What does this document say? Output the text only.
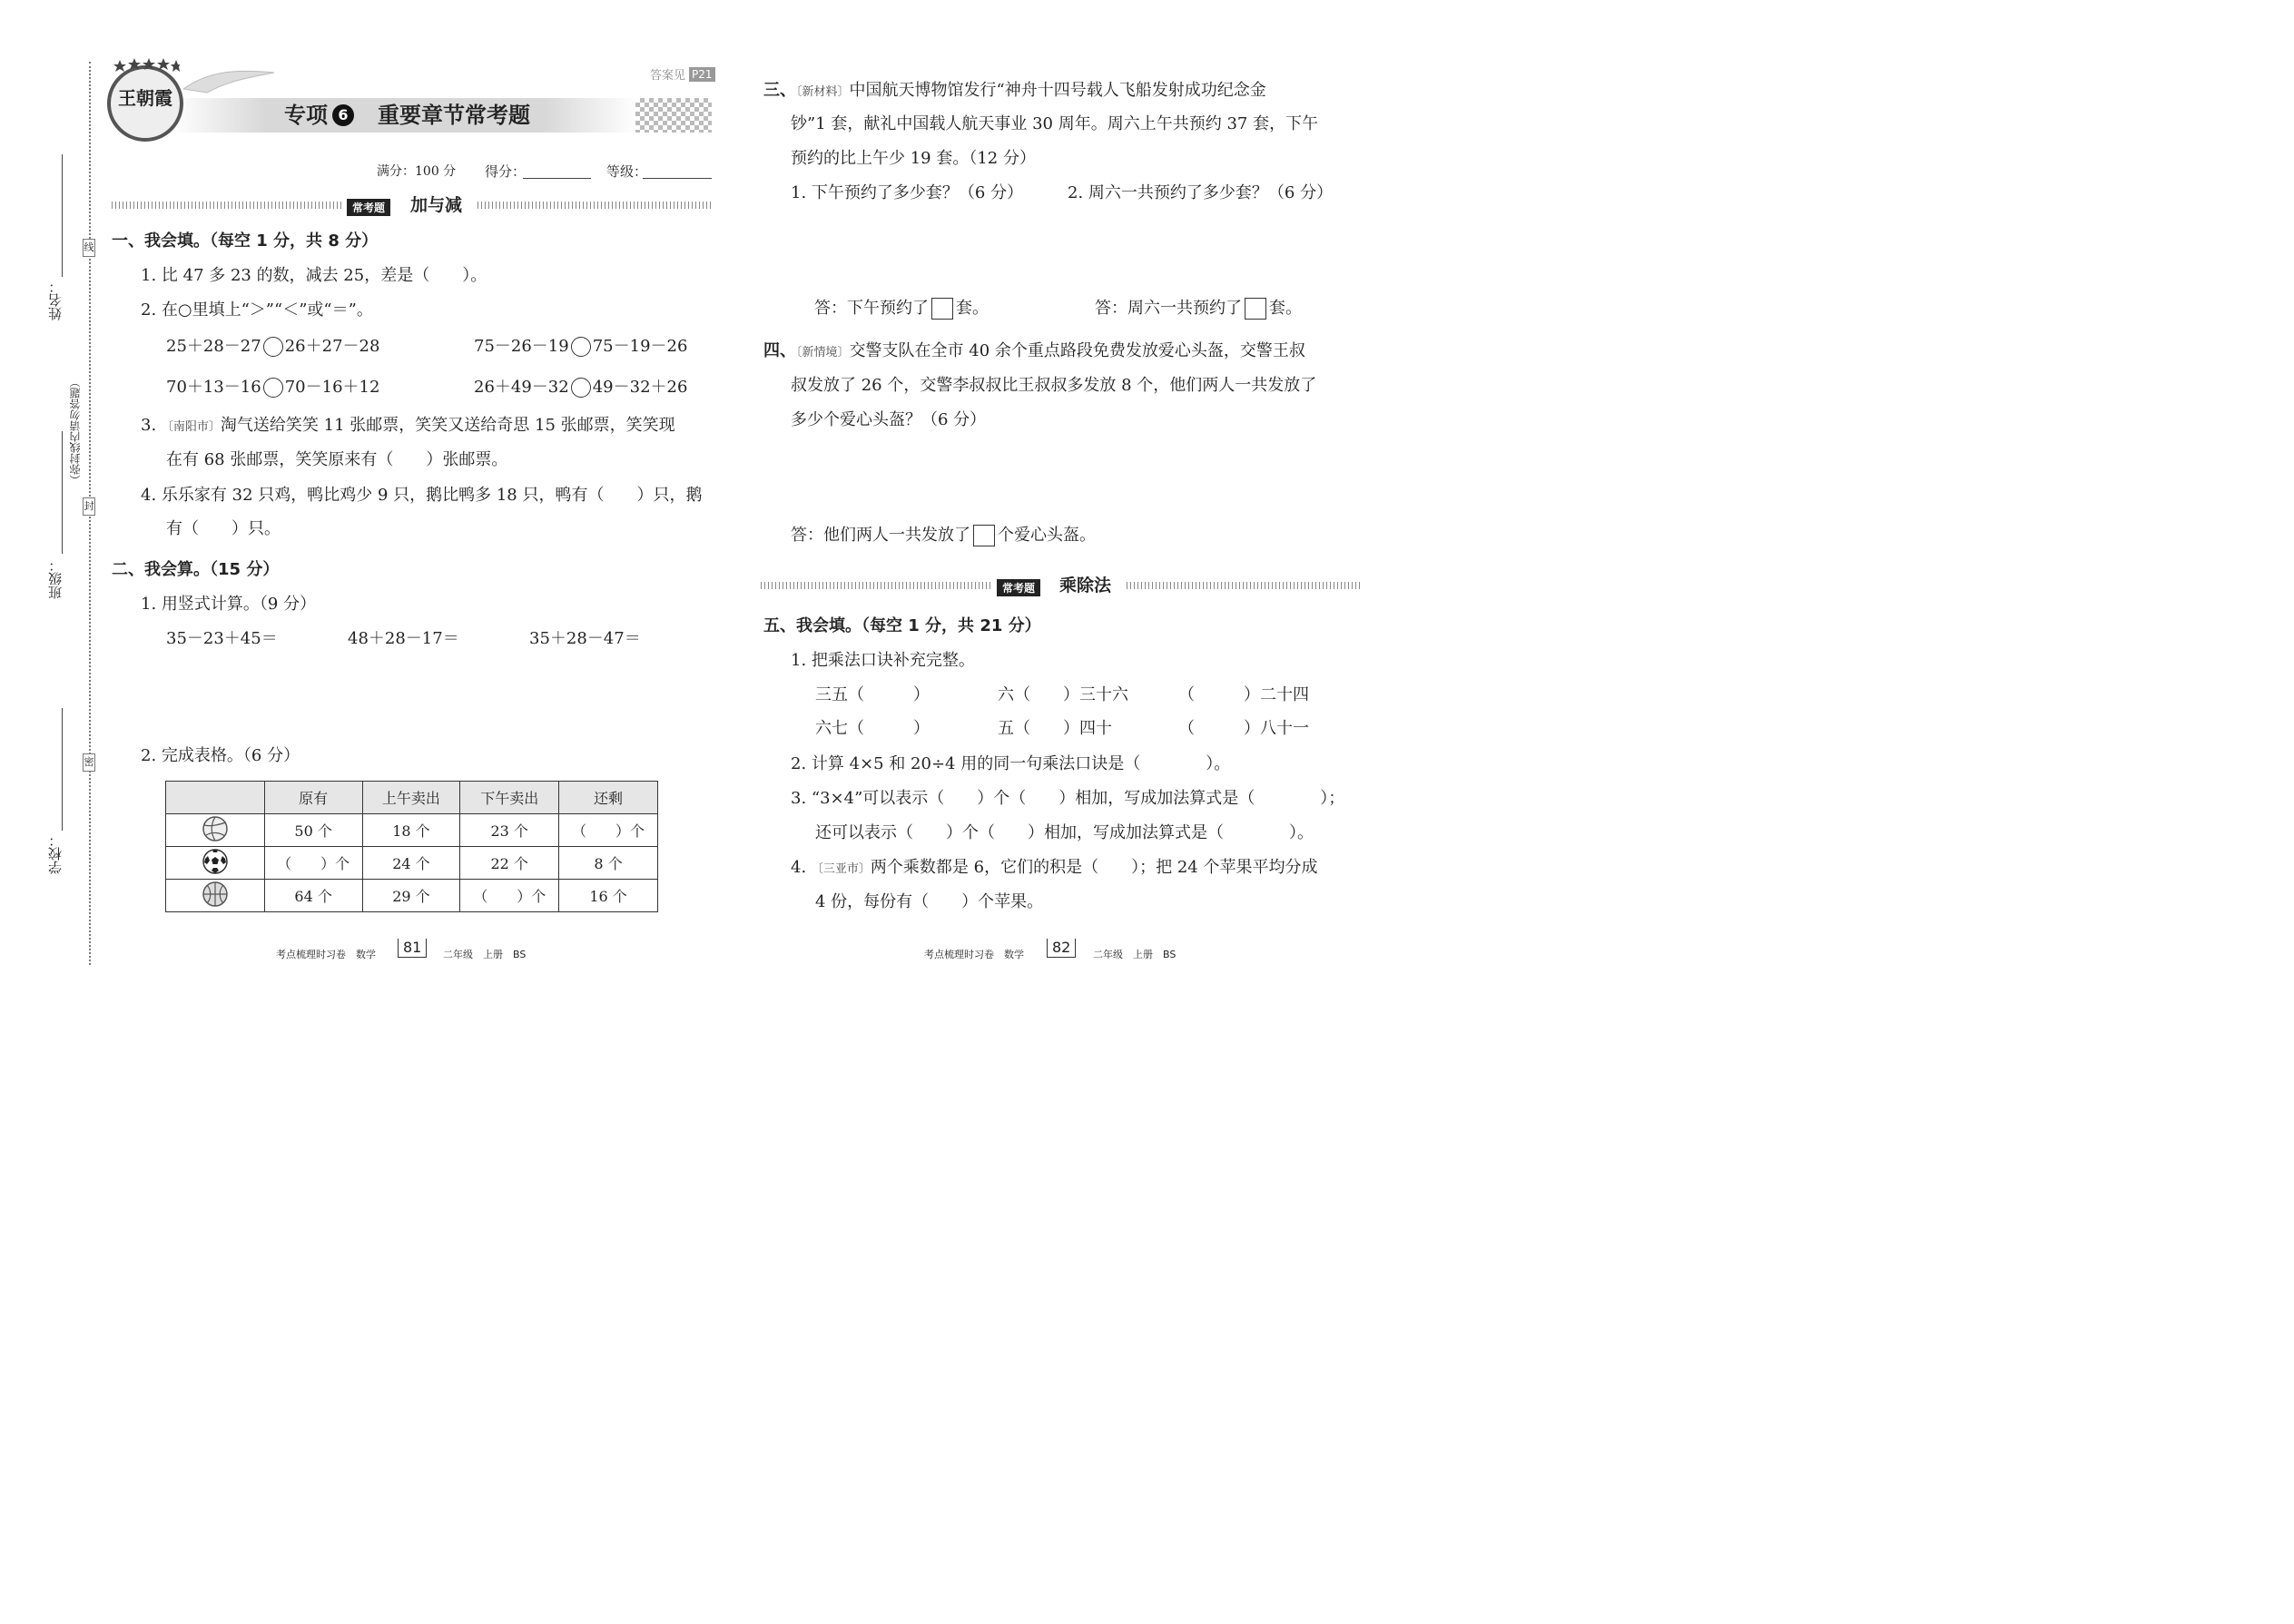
线
封
密
（弥封线内请勿答题）
姓名：
班级：
学校：
王朝霞
答案见 P21
专项 6 重要章节常考题
满分：100 分 得分：	等级：
常考题	加与减
一、我会填。（每空 1 分，共 8 分）
1. 比 47 多 23 的数，减去 25，差是（　　）。
2. 在○里填上“＞”“＜”或“＝”。
25＋28－27 26＋27－28	75－26－19 75－19－26
70＋13－16 70－16＋12	26＋49－32 49－32＋26
3. 〔南阳市〕淘气送给笑笑 11 张邮票，笑笑又送给奇思 15 张邮票，笑笑现
在有 68 张邮票，笑笑原来有（　　）张邮票。
4. 乐乐家有 32 只鸡，鸭比鸡少 9 只，鹅比鸭多 18 只，鸭有（　　）只，鹅
有（　　）只。
二、我会算。（15 分）
1. 用竖式计算。（9 分）
35－23＋45＝	48＋28－17＝	35＋28－47＝
2. 完成表格。（6 分）
	原有	上午卖出	下午卖出	还剩
	50 个	18 个	23 个	（　　）个
	（　　）个	24 个	22 个	8 个
	64 个	29 个	（　　）个	16 个
考点梳理时习卷　数学	81	二年级　上册　BS
三、〔新材料〕中国航天博物馆发行“神舟十四号载人飞船发射成功纪念金
钞”1 套，献礼中国载人航天事业 30 周年。周六上午共预约 37 套，下午
预约的比上午少 19 套。（12 分）
1. 下午预约了多少套？（6 分）	2. 周六一共预约了多少套？（6 分）
答：下午预约了 套。	答：周六一共预约了 套。
四、〔新情境〕交警支队在全市 40 余个重点路段免费发放爱心头盔，交警王叔
叔发放了 26 个，交警李叔叔比王叔叔多发放 8 个，他们两人一共发放了
多少个爱心头盔？（6 分）
答：他们两人一共发放了 个爱心头盔。
常考题	乘除法
五、我会填。（每空 1 分，共 21 分）
1. 把乘法口诀补充完整。
三五（　　　）	六（　　）三十六	（　　　）二十四
六七（　　　）	五（　　）四十	（　　　）八十一
2. 计算 4×5 和 20÷4 用的同一句乘法口诀是（　　　　）。
3. “3×4”可以表示（　　）个（　　）相加，写成加法算式是（　　　　）；
还可以表示（　　）个（　　）相加，写成加法算式是（　　　　）。
4. 〔三亚市〕两个乘数都是 6，它们的积是（　　）；把 24 个苹果平均分成
4 份，每份有（　　）个苹果。
考点梳理时习卷　数学	82	二年级　上册　BS
